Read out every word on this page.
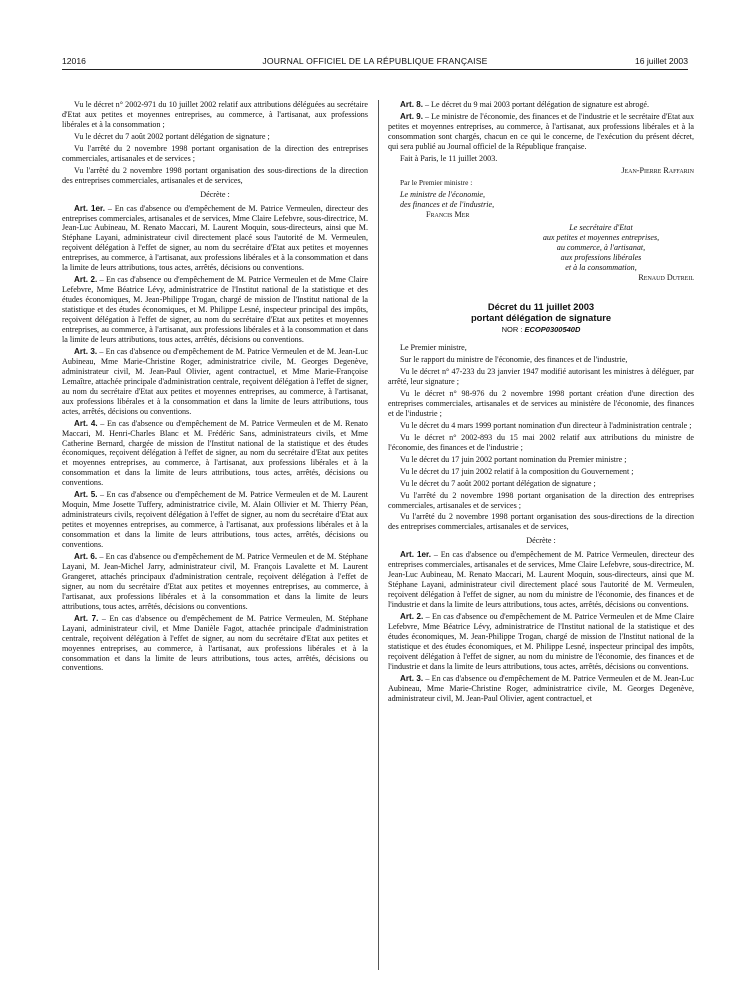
12016	JOURNAL OFFICIEL DE LA RÉPUBLIQUE FRANÇAISE	16 juillet 2003

Vu le décret n° 2002-971 du 10 juillet 2002 relatif aux attributions déléguées au secrétaire d'Etat aux petites et moyennes entreprises, au commerce, à l'artisanat, aux professions libérales et à la consommation ;

Vu le décret du 7 août 2002 portant délégation de signature ;

Vu l'arrêté du 2 novembre 1998 portant organisation de la direction des entreprises commerciales, artisanales et de services ;

Vu l'arrêté du 2 novembre 1998 portant organisation des sous-directions de la direction des entreprises commerciales, artisanales et de services,

Décrète :

Art. 1er. – En cas d'absence ou d'empêchement de M. Patrice Vermeulen, directeur des entreprises commerciales, artisanales et de services, Mme Claire Lefebvre, sous-directrice, M. Jean-Luc Aubineau, M. Renato Maccari, M. Laurent Moquin, sous-directeurs, ainsi que M. Stéphane Layani, administrateur civil directement placé sous l'autorité de M. Vermeulen, reçoivent délégation à l'effet de signer, au nom du secrétaire d'Etat aux petites et moyennes entreprises, au commerce, à l'artisanat, aux professions libérales et à la consommation et dans la limite de leurs attributions, tous actes, arrêtés, décisions ou conventions.

Art. 2. – En cas d'absence ou d'empêchement de M. Patrice Vermeulen et de Mme Claire Lefebvre, Mme Béatrice Lévy, administratrice de l'Institut national de la statistique et des études économiques, M. Jean-Philippe Trogan, chargé de mission de l'Institut national de la statistique et des études économiques, et M. Philippe Lesné, inspecteur principal des impôts, reçoivent délégation à l'effet de signer, au nom du secrétaire d'Etat aux petites et moyennes entreprises, au commerce, à l'artisanat, aux professions libérales et à la consommation et dans la limite de leurs attributions, tous actes, arrêtés, décisions ou conventions.

Art. 3. – En cas d'absence ou d'empêchement de M. Patrice Vermeulen et de M. Jean-Luc Aubineau, Mme Marie-Christine Roger, administratrice civile, M. Georges Degenève, administrateur civil, M. Jean-Paul Olivier, agent contractuel, et Mme Marie-Françoise Lemaître, attachée principale d'administration centrale, reçoivent délégation à l'effet de signer, au nom du secrétaire d'Etat aux petites et moyennes entreprises, au commerce, à l'artisanat, aux professions libérales et à la consommation et dans la limite de leurs attributions, tous actes, arrêtés, décisions ou conventions.

Art. 4. – En cas d'absence ou d'empêchement de M. Patrice Vermeulen et de M. Renato Maccari, M. Henri-Charles Blanc et M. Frédéric Sans, administrateurs civils, et Mme Catherine Bernard, chargée de mission de l'Institut national de la statistique et des études économiques, reçoivent délégation à l'effet de signer, au nom du secrétaire d'Etat aux petites et moyennes entreprises, au commerce, à l'artisanat, aux professions libérales et à la consommation et dans la limite de leurs attributions, tous actes, arrêtés, décisions ou conventions.

Art. 5. – En cas d'absence ou d'empêchement de M. Patrice Vermeulen et de M. Laurent Moquin, Mme Josette Tuffery, administratrice civile, M. Alain Ollivier et M. Thierry Péan, administrateurs civils, reçoivent délégation à l'effet de signer, au nom du secrétaire d'Etat aux petites et moyennes entreprises, au commerce, à l'artisanat, aux professions libérales et à la consommation et dans la limite de leurs attributions, tous actes, arrêtés, décisions ou conventions.

Art. 6. – En cas d'absence ou d'empêchement de M. Patrice Vermeulen et de M. Stéphane Layani, M. Jean-Michel Jarry, administrateur civil, M. François Lavalette et M. Laurent Grangeret, attachés principaux d'administration centrale, reçoivent délégation à l'effet de signer, au nom du secrétaire d'Etat aux petites et moyennes entreprises, au commerce, à l'artisanat, aux professions libérales et à la consommation et dans la limite de leurs attributions, tous actes, arrêtés, décisions ou conventions.

Art. 7. – En cas d'absence ou d'empêchement de M. Patrice Vermeulen, M. Stéphane Layani, administrateur civil, et Mme Danièle Fagot, attachée principale d'administration centrale, reçoivent délégation à l'effet de signer, au nom du secrétaire d'Etat aux petites et moyennes entreprises, au commerce, à l'artisanat, aux professions libérales et à la consommation et dans la limite de leurs attributions, tous actes, arrêtés, décisions ou conventions.

Art. 8. – Le décret du 9 mai 2003 portant délégation de signature est abrogé.

Art. 9. – Le ministre de l'économie, des finances et de l'industrie et le secrétaire d'Etat aux petites et moyennes entreprises, au commerce, à l'artisanat, aux professions libérales et à la consommation sont chargés, chacun en ce qui le concerne, de l'exécution du présent décret, qui sera publié au Journal officiel de la République française.

Fait à Paris, le 11 juillet 2003.

Jean-Pierre Raffarin

Par le Premier ministre :

Le ministre de l'économie,
des finances et de l'industrie,
Francis Mer
Le secrétaire d'Etat
aux petites et moyennes entreprises,
au commerce, à l'artisanat,
aux professions libérales
et à la consommation,
Renaud Dutreil
Décret du 11 juillet 2003
portant délégation de signature
NOR : ECOP0300540D

Le Premier ministre,

Sur le rapport du ministre de l'économie, des finances et de l'industrie,

Vu le décret n° 47-233 du 23 janvier 1947 modifié autorisant les ministres à déléguer, par arrêté, leur signature ;

Vu le décret n° 98-976 du 2 novembre 1998 portant création d'une direction des entreprises commerciales, artisanales et de services au ministère de l'économie, des finances et de l'industrie ;

Vu le décret du 4 mars 1999 portant nomination d'un directeur à l'administration centrale ;

Vu le décret n° 2002-893 du 15 mai 2002 relatif aux attributions du ministre de l'économie, des finances et de l'industrie ;

Vu le décret du 17 juin 2002 portant nomination du Premier ministre ;

Vu le décret du 17 juin 2002 relatif à la composition du Gouvernement ;

Vu le décret du 7 août 2002 portant délégation de signature ;

Vu l'arrêté du 2 novembre 1998 portant organisation de la direction des entreprises commerciales, artisanales et de services ;

Vu l'arrêté du 2 novembre 1998 portant organisation des sous-directions de la direction des entreprises commerciales, artisanales et de services,

Décrète :

Art. 1er. – En cas d'absence ou d'empêchement de M. Patrice Vermeulen, directeur des entreprises commerciales, artisanales et de services, Mme Claire Lefebvre, sous-directrice, M. Jean-Luc Aubineau, M. Renato Maccari, M. Laurent Moquin, sous-directeurs, ainsi que M. Stéphane Layani, administrateur civil directement placé sous l'autorité de M. Vermeulen, reçoivent délégation à l'effet de signer, au nom du ministre de l'économie, des finances et de l'industrie et dans la limite de leurs attributions, tous actes, arrêtés, décisions ou conventions.

Art. 2. – En cas d'absence ou d'empêchement de M. Patrice Vermeulen et de Mme Claire Lefebvre, Mme Béatrice Lévy, administratrice de l'Institut national de la statistique et des études économiques, M. Jean-Philippe Trogan, chargé de mission de l'Institut national de la statistique et des études économiques, et M. Philippe Lesné, inspecteur principal des impôts, reçoivent délégation à l'effet de signer, au nom du ministre de l'économie, des finances et de l'industrie et dans la limite de leurs attributions, tous actes, arrêtés, décisions ou conventions.

Art. 3. – En cas d'absence ou d'empêchement de M. Patrice Vermeulen et de M. Jean-Luc Aubineau, Mme Marie-Christine Roger, administratrice civile, M. Georges Degenève, administrateur civil, M. Jean-Paul Olivier, agent contractuel, et
